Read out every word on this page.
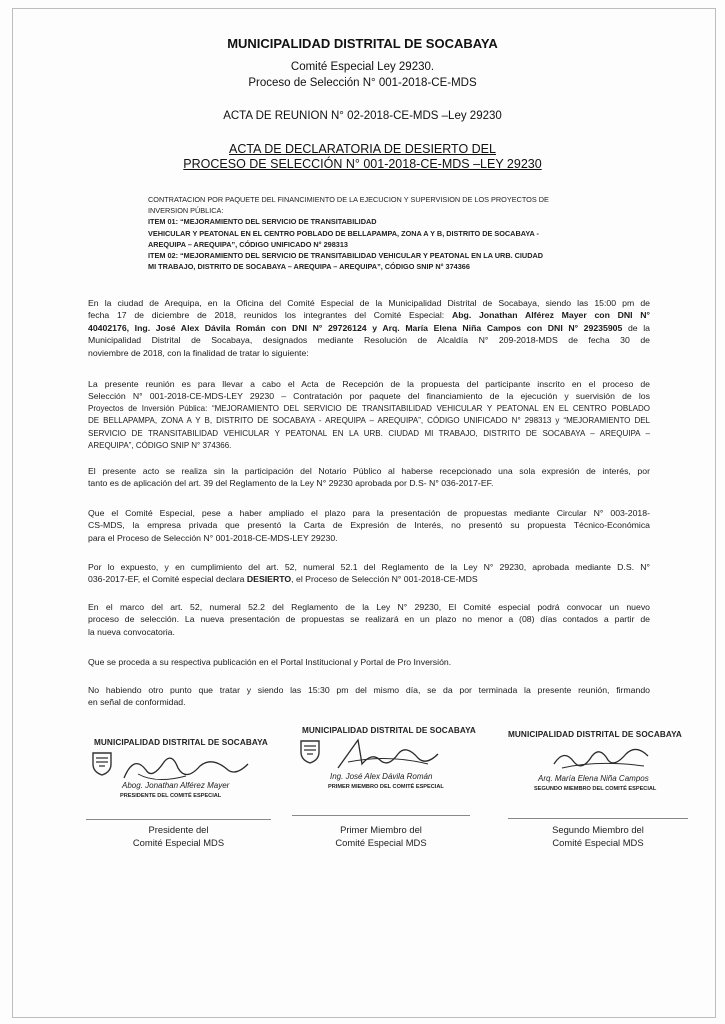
MUNICIPALIDAD DISTRITAL DE SOCABAYA
Comité Especial Ley 29230.
Proceso de Selección N° 001-2018-CE-MDS
ACTA DE REUNION N° 02-2018-CE-MDS –Ley 29230
ACTA DE DECLARATORIA DE DESIERTO DEL
PROCESO DE SELECCIÓN N° 001-2018-CE-MDS –LEY 29230
CONTRATACION POR PAQUETE DEL FINANCIMIENTO DE LA EJECUCION Y SUPERVISION DE LOS PROYECTOS DE
INVERSION PÚBLICA:
ITEM 01: “MEJORAMIENTO DEL SERVICIO DE TRANSITABILIDAD
VEHICULAR Y PEATONAL EN EL CENTRO POBLADO DE BELLAPAMPA, ZONA A Y B, DISTRITO DE SOCABAYA -
AREQUIPA – AREQUIPA”, CÓDIGO UNIFICADO N° 298313
ITEM 02: “MEJORAMIENTO DEL SERVICIO DE TRANSITABILIDAD VEHICULAR Y PEATONAL EN LA URB. CIUDAD
MI TRABAJO, DISTRITO DE SOCABAYA – AREQUIPA – AREQUIPA”, CÓDIGO SNIP N° 374366
En la ciudad de Arequipa, en la Oficina del Comité Especial de la Municipalidad Distrital de Socabaya, siendo las 15:00 pm de
fecha 17 de diciembre de 2018, reunidos los integrantes del Comité Especial: Abg. Jonathan Alférez Mayer con DNI N°
40402176, Ing. José Alex Dávila Román con DNI N° 29726124 y Arq. María Elena Niña Campos con DNI N° 29235905 de la
Municipalidad Distrital de Socabaya, designados mediante Resolución de Alcaldía N° 209-2018-MDS de fecha 30 de
noviembre de 2018, con la finalidad de tratar lo siguiente:
La presente reunión es para llevar a cabo el Acta de Recepción de la propuesta del participante inscrito en el proceso de
Selección N° 001-2018-CE-MDS-LEY 29230 – Contratación por paquete del financiamiento de la ejecución y suervisión de los
Proyectos de Inversión Pública: “MEJORAMIENTO DEL SERVICIO DE TRANSITABILIDAD VEHICULAR Y PEATONAL EN EL CENTRO POBLADO
DE BELLAPAMPA, ZONA A Y B, DISTRITO DE SOCABAYA - AREQUIPA – AREQUIPA”, CÓDIGO UNIFICADO N° 298313 y “MEJORAMIENTO DEL
SERVICIO DE TRANSITABILIDAD VEHICULAR Y PEATONAL EN LA URB. CIUDAD MI TRABAJO, DISTRITO DE SOCABAYA – AREQUIPA –
AREQUIPA”, CÓDIGO SNIP N° 374366.
El presente acto se realiza sin la participación del Notario Público al haberse recepcionado una sola expresión de interés, por
tanto es de aplicación del art. 39 del Reglamento de la Ley N° 29230 aprobada por D.S- N° 036-2017-EF.
Que el Comité Especial, pese a haber ampliado el plazo para la presentación de propuestas mediante Circular N° 003-2018-
CS-MDS, la empresa privada que presentó la Carta de Expresión de Interés, no presentó su propuesta Técnico-Económica
para el Proceso de Selección N° 001-2018-CE-MDS-LEY 29230.
Por lo expuesto, y en cumplimiento del art. 52, numeral 52.1 del Reglamento de la Ley N° 29230, aprobada mediante D.S. N°
036-2017-EF, el Comité especial declara DESIERTO, el Proceso de Selección N° 001-2018-CE-MDS
En el marco del art. 52, numeral 52.2 del Reglamento de la Ley N° 29230, El Comité especial podrá convocar un nuevo
proceso de selección. La nueva presentación de propuestas se realizará en un plazo no menor a (08) días contados a partir de
la nueva convocatoria.
Que se proceda a su respectiva publicación en el Portal Institucional y Portal de Pro Inversión.
No habiendo otro punto que tratar y siendo las 15:30 pm del mismo día, se da por terminada la presente reunión, firmando
en señal de conformidad.
MUNICIPALIDAD DISTRITAL DE SOCABAYA
Abog. Jonathan Alférez Mayer
PRESIDENTE DEL COMITÉ ESPECIAL
Presidente del
Comité Especial MDS
MUNICIPALIDAD DISTRITAL DE SOCABAYA
Ing. José Alex Dávila Román
PRIMER MIEMBRO DEL COMITÉ ESPECIAL
Primer Miembro del
Comité Especial MDS
MUNICIPALIDAD DISTRITAL DE SOCABAYA
Arq. María Elena Niña Campos
SEGUNDO MIEMBRO DEL COMITÉ ESPECIAL
Segundo Miembro del
Comité Especial MDS
